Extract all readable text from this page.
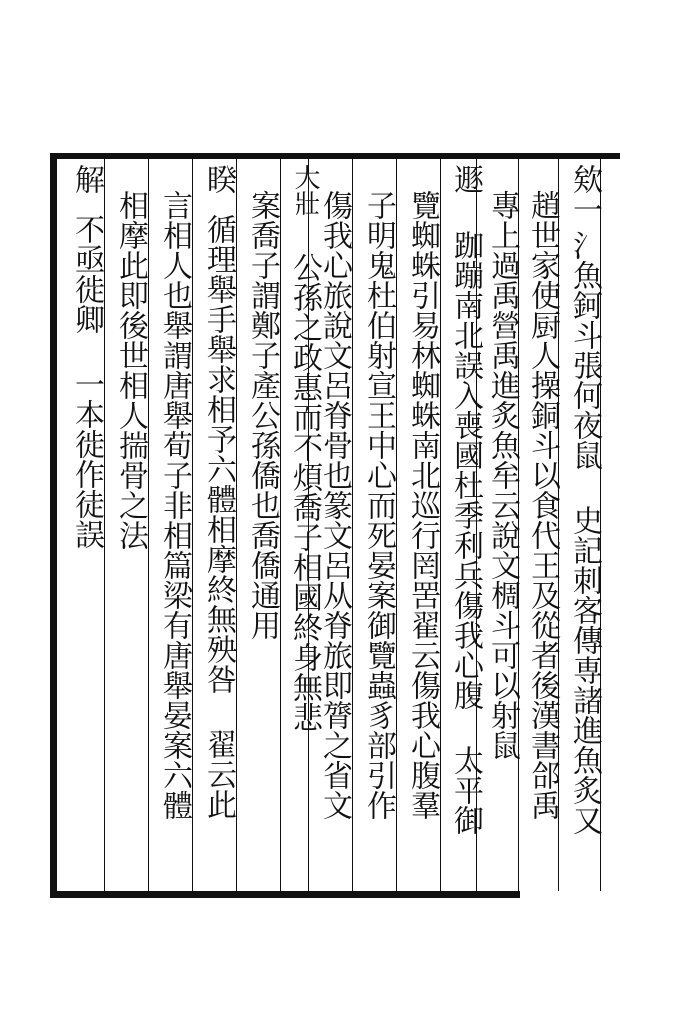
欸一
氵魚鈳斗張何夜鼠 史記刺客傳専諸進魚炙又
趙世家使厨人操銅斗以食代王及從者後漢書郃禹
專上過禹營禹進炙魚牟云說文椆斗可以射鼠
遯
跏蹦南北誤入喪國杜季利兵傷我心腹 太平御
覽蜘蛛引易林蜘蛛南北巡行罔罟翟云傷我心腹羣
子明鬼杜伯射宣王中心而死晏案御覽蟲豸部引作
傷我心旅說文呂脊骨也篆文呂从脊旅即膂之省文
大壯
公孫之政惠而不煩喬子相國終身無悲
案喬子謂鄭子產公孫僑也喬僑通用
睽
循理舉手舉求相予六體相摩終無殃咎 翟云此
言相人也舉謂唐舉荀子非相篇梁有唐舉晏案六體
相摩此即後世相人揣骨之法
解
不亟徙卿 一本徙作徒誤
